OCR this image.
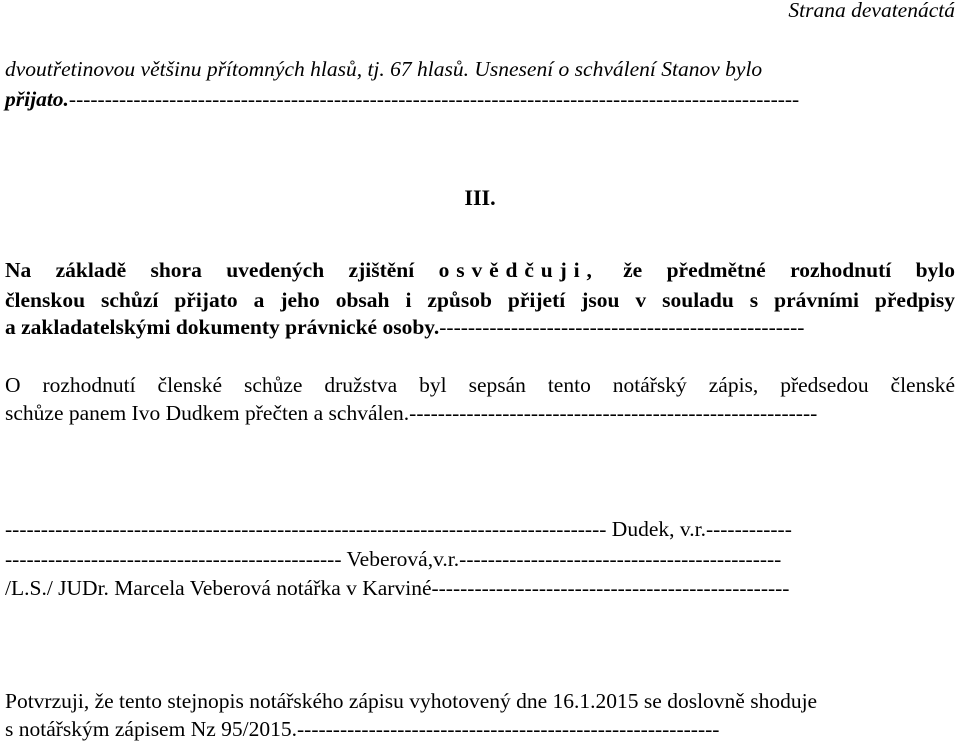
Strana devatenáctá
dvoutřetinovou většinu přítomných hlasů, tj. 67 hlasů. Usnesení o schválení Stanov bylo
přijato.------------------------------------------------------------------------------------------------------
III.
Na základě shora uvedených zjištění osvědčuji, že předmětné rozhodnutí bylo
členskou schůzí přijato a jeho obsah i způsob přijetí jsou v souladu s právními předpisy
a zakladatelskými dokumenty právnické osoby.---------------------------------------------------
O rozhodnutí členské schůze družstva byl sepsán tento notářský zápis, předsedou členské
schůze panem Ivo Dudkem přečten a schválen.---------------------------------------------------------
------------------------------------------------------------------------------------ Dudek, v.r.------------
----------------------------------------------- Veberová,v.r.---------------------------------------------
/L.S./ JUDr. Marcela Veberová notářka v Karviné--------------------------------------------------
Potvrzuji, že tento stejnopis notářského zápisu vyhotovený dne 16.1.2015 se doslovně shoduje
s notářským zápisem Nz 95/2015.-----------------------------------------------------------
